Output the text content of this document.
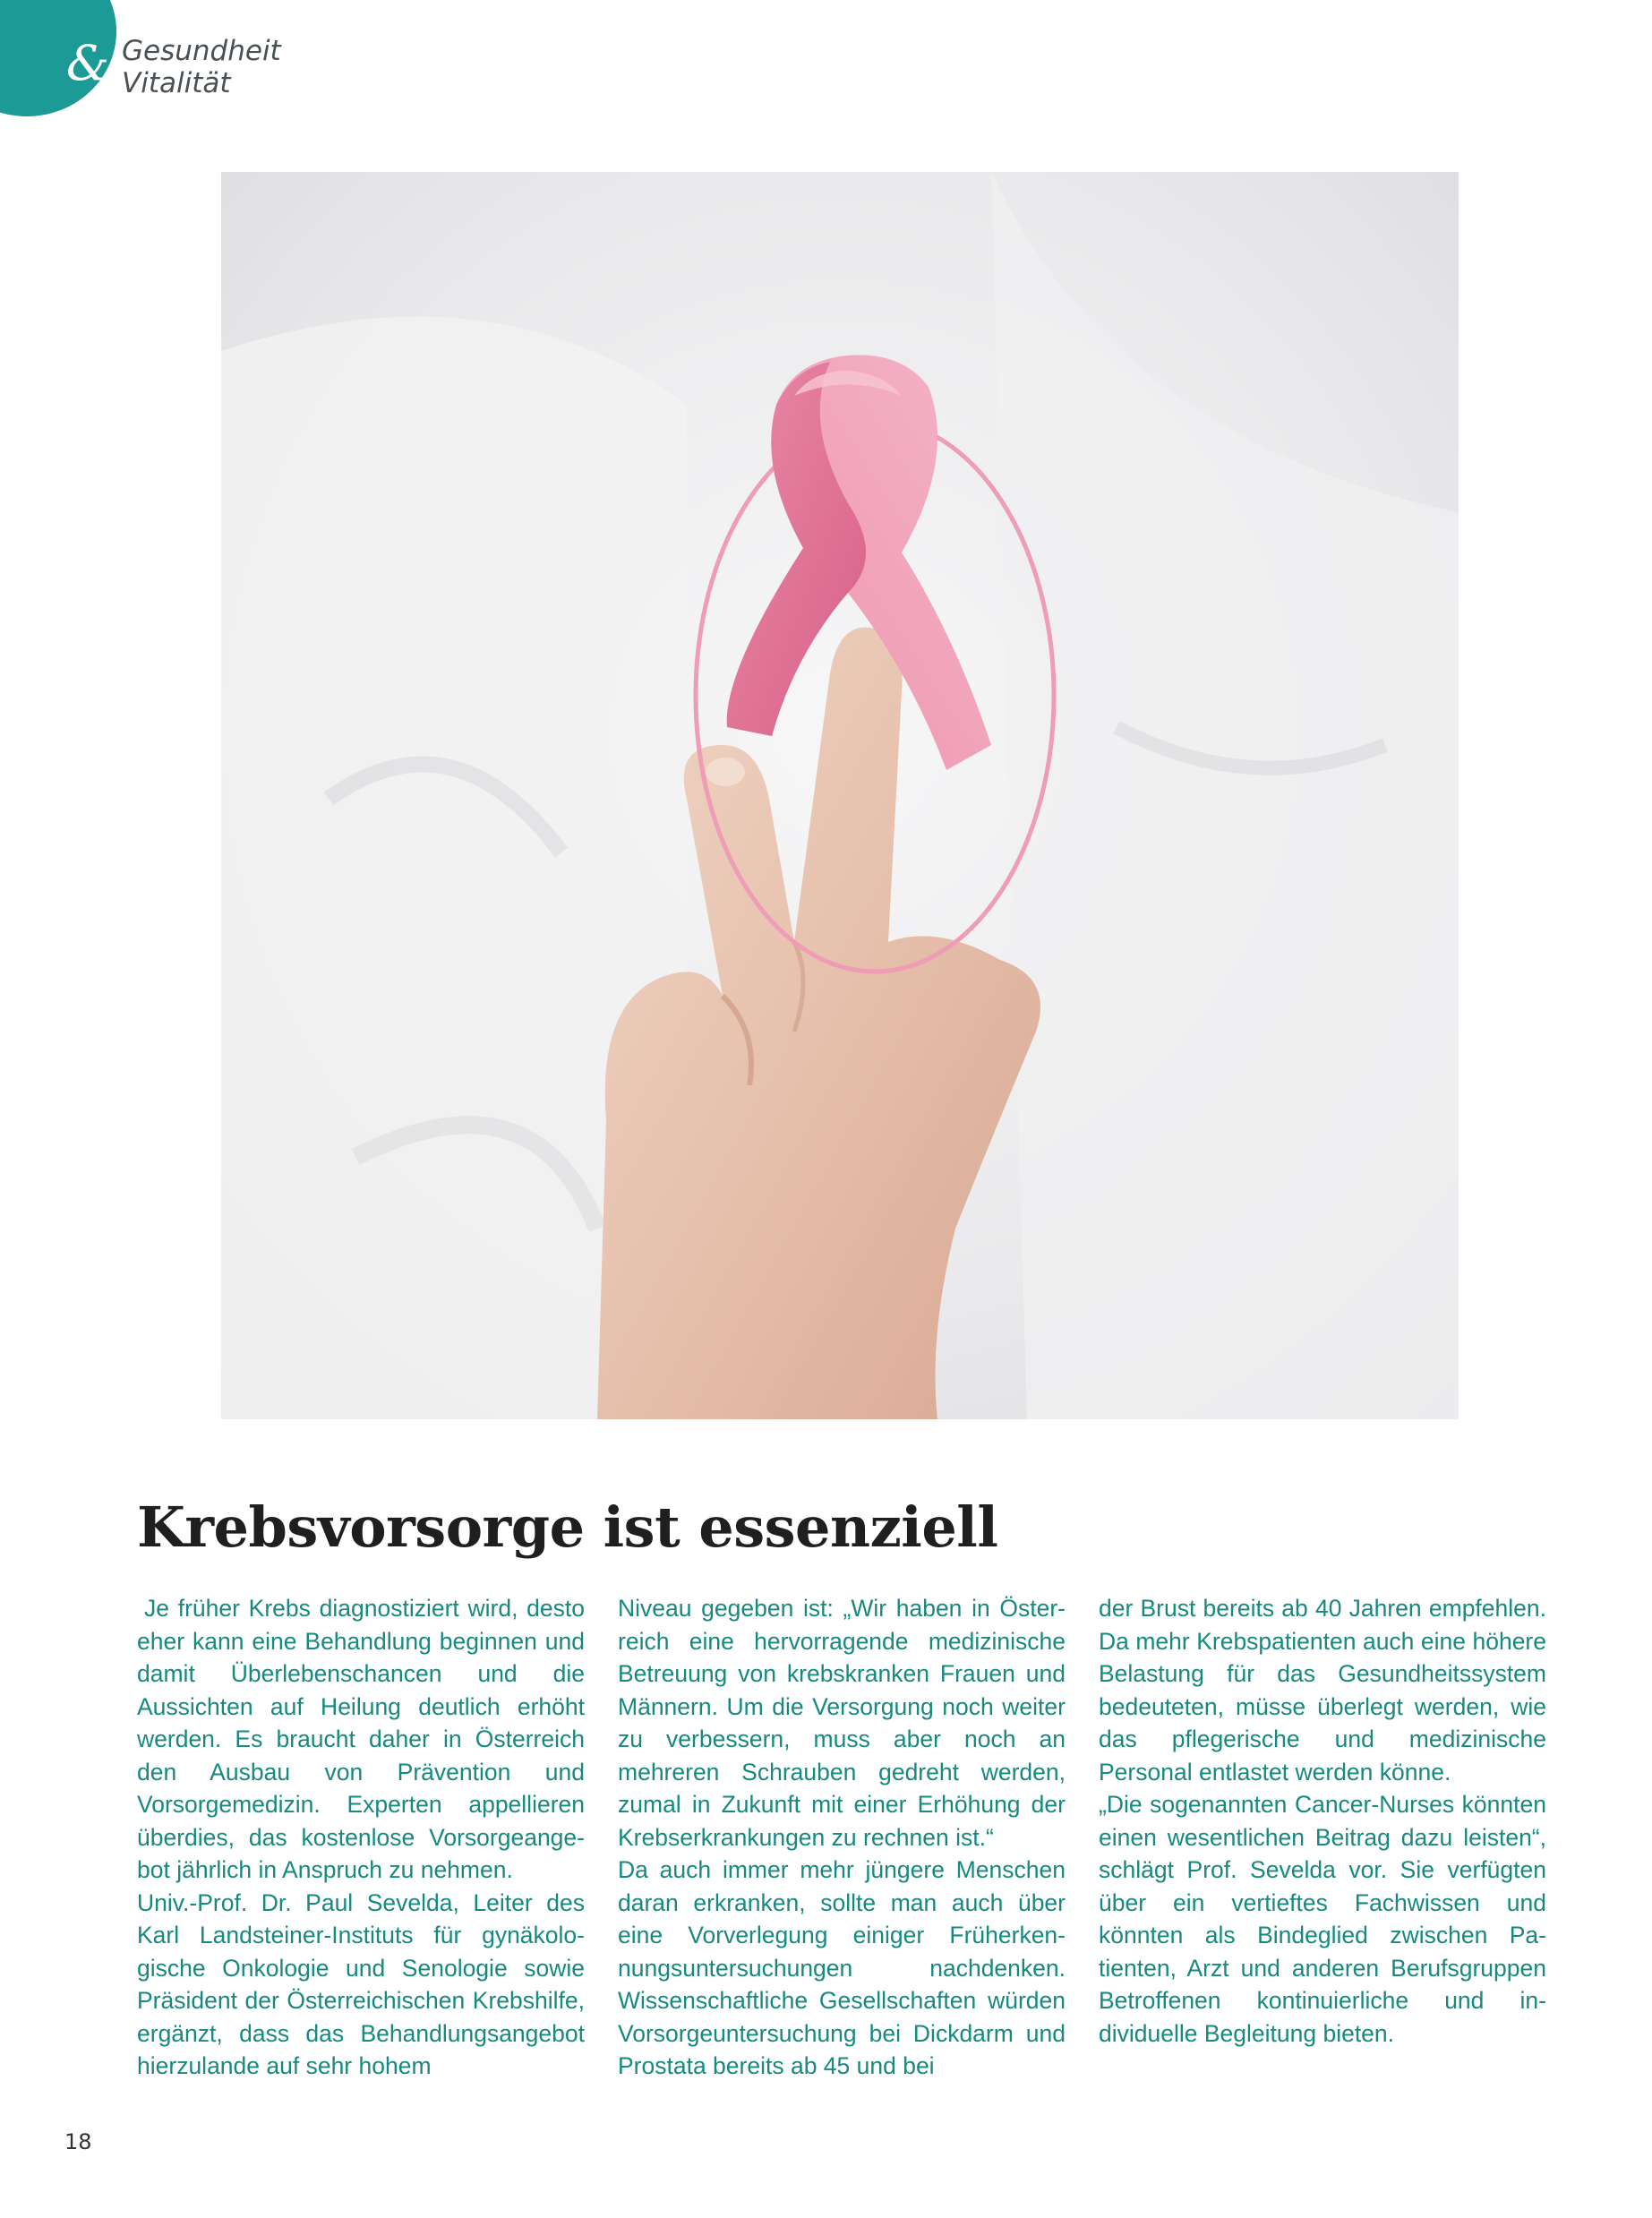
& Gesundheit
Vitalität
Krebsvorsorge ist essenziell

Je früher Krebs diagnostiziert wird, desto eher kann eine Behandlung beginnen und damit Überlebenschancen und die Aussichten auf Heilung deutlich erhöht werden. Es braucht daher in Österreich den Ausbau von Prävention und Vorsorgemedizin. Experten appellieren überdies, das kostenlose Vorsorgeangebot jährlich in Anspruch zu nehmen.

Univ.-Prof. Dr. Paul Sevelda, Leiter des Karl Landsteiner-Instituts für gynäkologische Onkologie und Senologie sowie Präsident der Österreichischen Krebshilfe, ergänzt, dass das Behandlungsangebot hierzulande auf sehr hohem

Niveau gegeben ist: „Wir haben in Österreich eine hervorragende medizinische Betreuung von krebskranken Frauen und Männern. Um die Versorgung noch weiter zu verbessern, muss aber noch an mehreren Schrauben gedreht werden, zumal in Zukunft mit einer Erhöhung der Krebserkrankungen zu rechnen ist.“

Da auch immer mehr jüngere Menschen daran erkranken, sollte man auch über eine Vorverlegung einiger Früherkennungsuntersuchungen nachdenken. Wissenschaftliche Gesellschaften würden Vorsorgeuntersuchung bei Dickdarm und Prostata bereits ab 45 und bei

der Brust bereits ab 40 Jahren empfehlen. Da mehr Krebspatienten auch eine höhere Belastung für das Gesundheitssystem bedeuteten, müsse überlegt werden, wie das pflegerische und medizinische Personal entlastet werden könne.

„Die sogenannten Cancer-Nurses könnten einen wesentlichen Beitrag dazu leisten“, schlägt Prof. Sevelda vor. Sie verfügten über ein vertieftes Fachwissen und könnten als Bindeglied zwischen Patienten, Arzt und anderen Berufsgruppen Betroffenen kontinuierliche und individuelle Begleitung bieten.

18
